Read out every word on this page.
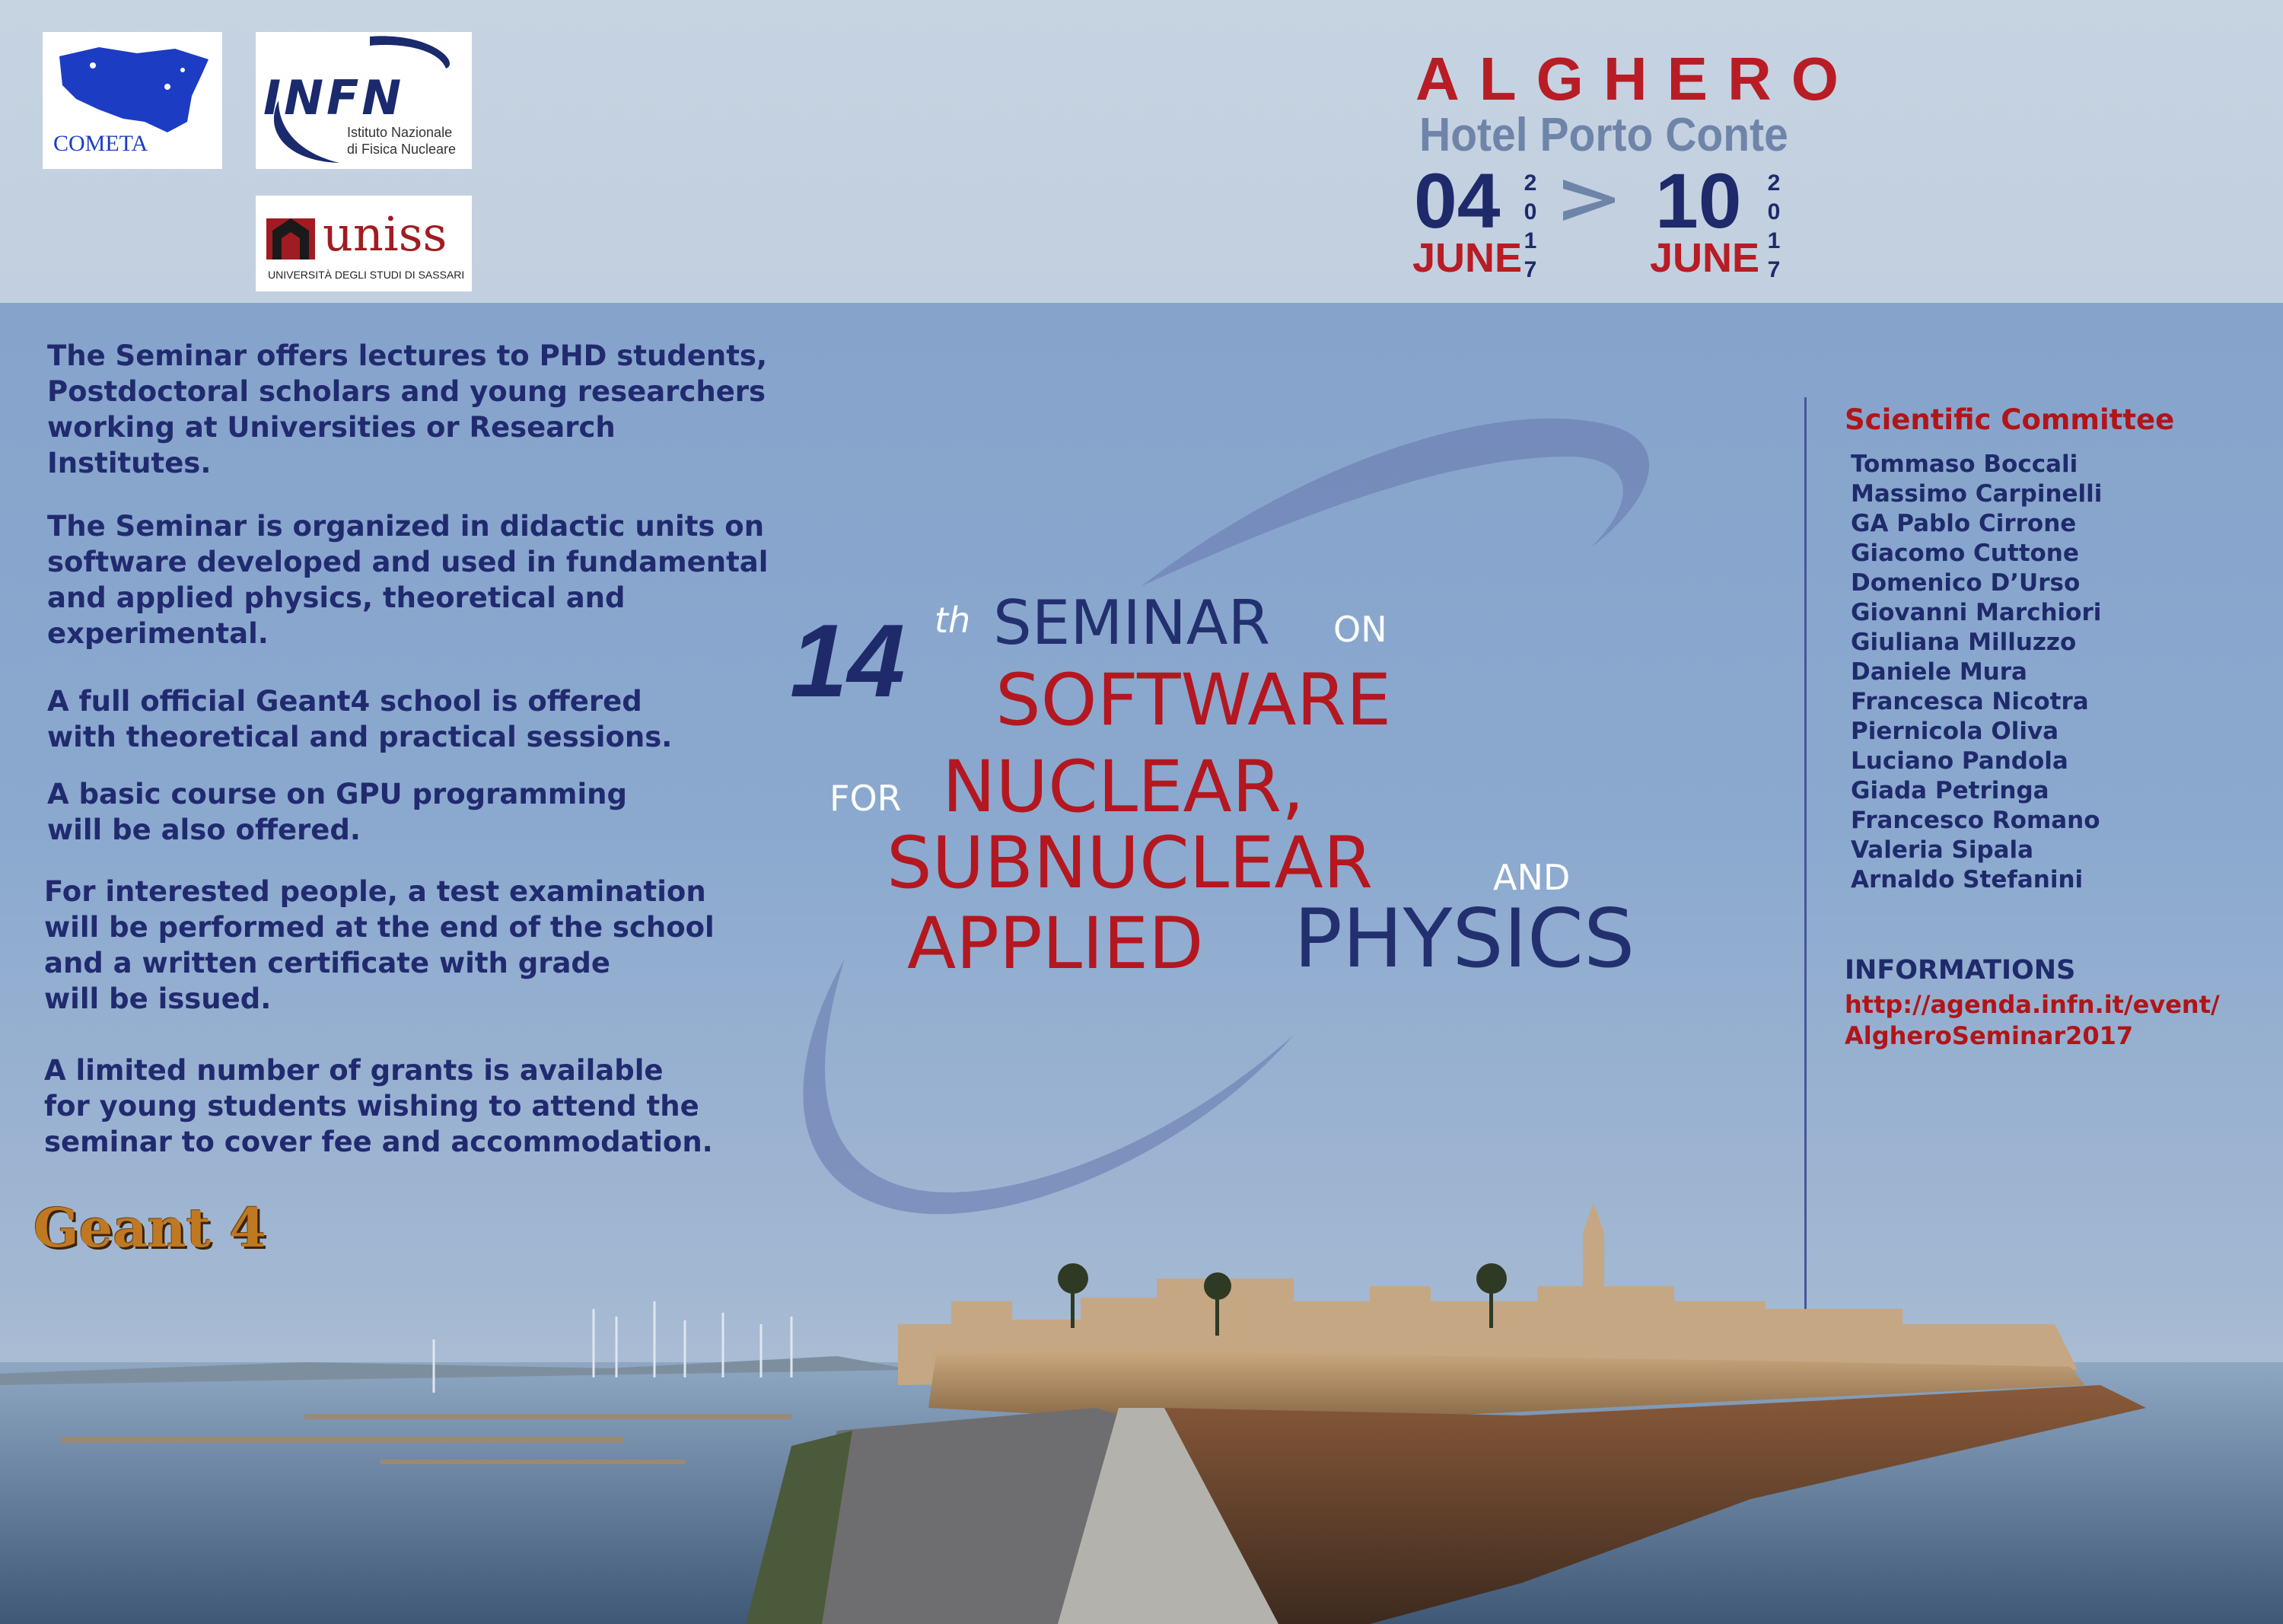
COMETA
INFN
Istituto Nazionale
di Fisica Nucleare
uniss
UNIVERSITÀ DEGLI STUDI DI SASSARI
ALGHERO
Hotel Porto Conte
04
JUNE
2017
10
JUNE
2017

The Seminar offers lectures to PHD students,
Postdoctoral scholars and young researchers
working at Universities or Research
Institutes.

The Seminar is organized in didactic units on
software developed and used in fundamental
and applied physics, theoretical and
experimental.

A full official Geant4 school is offered
with theoretical and practical sessions.

A basic course on GPU programming
will be also offered.

For interested people, a test examination
will be performed at the end of the school
and a written certificate with grade
will be issued.

A limited number of grants is available
for young students wishing to attend the
seminar to cover fee and accommodation.

14 th SEMINAR ON
SOFTWARE
FOR NUCLEAR,
SUBNUCLEAR	AND
APPLIED PHYSICS
Scientific Committee
Tommaso Boccali
Massimo Carpinelli
GA Pablo Cirrone
Giacomo Cuttone
Domenico D’Urso
Giovanni Marchiori
Giuliana Milluzzo
Daniele Mura
Francesca Nicotra
Piernicola Oliva
Luciano Pandola
Giada Petringa
Francesco Romano
Valeria Sipala
Arnaldo Stefanini
INFORMATIONS
http://agenda.infn.it/event/
AlgheroSeminar2017
Geant 4
